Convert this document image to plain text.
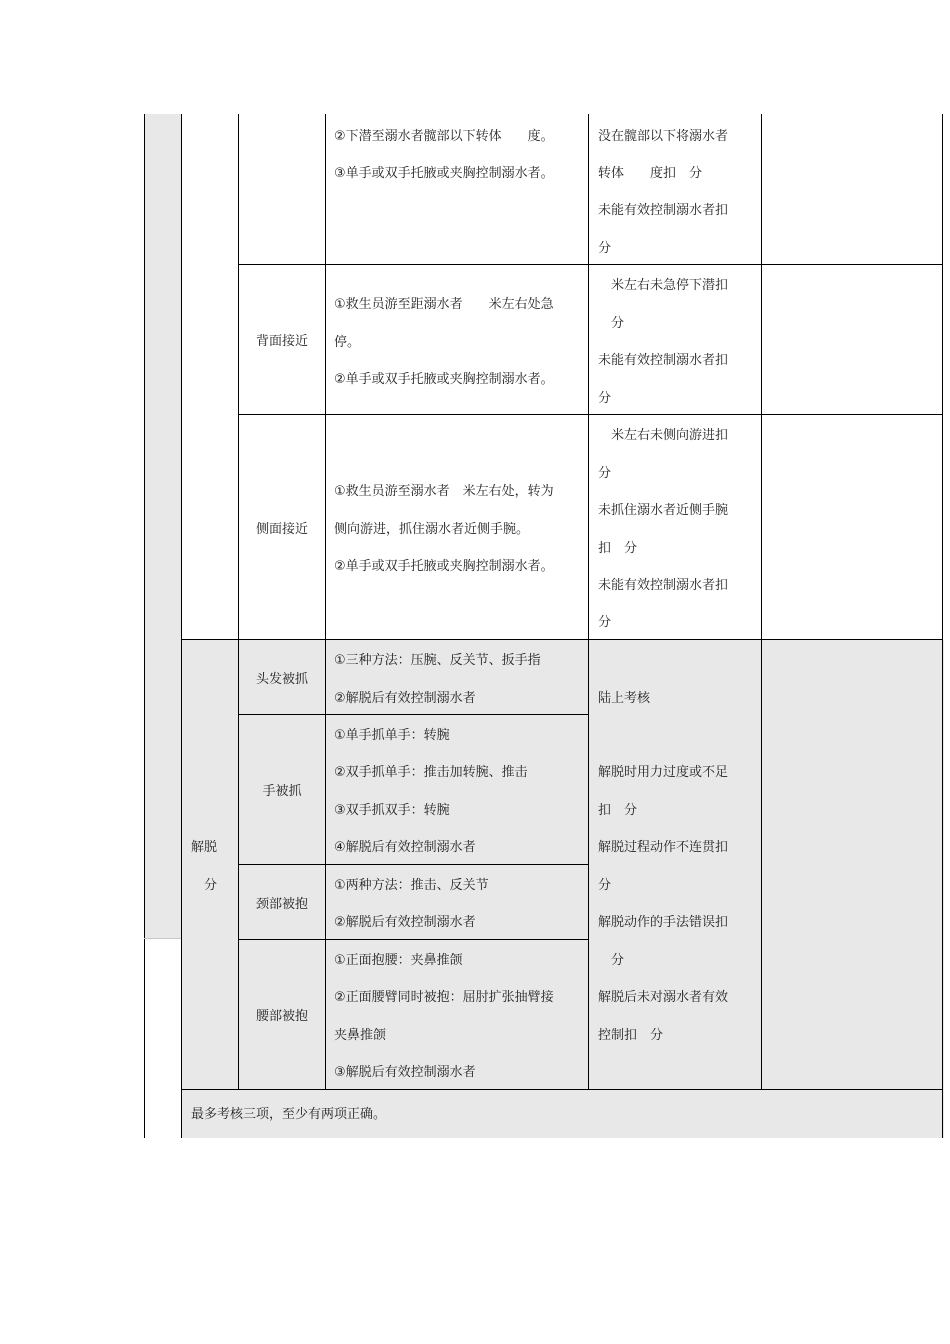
②下潜至溺水者髋部以下转体　　度。
③单手或双手托腋或夹胸控制溺水者。
没在髋部以下将溺水者
转体　　度扣　分
未能有效控制溺水者扣
分
背面接近
①救生员游至距溺水者　　米左右处急
停。
②单手或双手托腋或夹胸控制溺水者。
　米左右未急停下潜扣
　分
未能有效控制溺水者扣
分
侧面接近
①救生员游至溺水者　米左右处，转为
侧向游进，抓住溺水者近侧手腕。
②单手或双手托腋或夹胸控制溺水者。
　米左右未侧向游进扣
分
未抓住溺水者近侧手腕
扣　分
未能有效控制溺水者扣
分
解脱
　分
头发被抓
①三种方法：压腕、反关节、扳手指
②解脱后有效控制溺水者
手被抓
①单手抓单手：转腕
②双手抓单手：推击加转腕、推击
③双手抓双手：转腕
④解脱后有效控制溺水者
颈部被抱
①两种方法：推击、反关节
②解脱后有效控制溺水者
腰部被抱
①正面抱腰：夹鼻推颌
②正面腰臂同时被抱：屈肘扩张抽臂接
夹鼻推颌
③解脱后有效控制溺水者
陆上考核
解脱时用力过度或不足
扣　分
解脱过程动作不连贯扣
分
解脱动作的手法错误扣
　分
解脱后未对溺水者有效
控制扣　分
最多考核三项，至少有两项正确。
